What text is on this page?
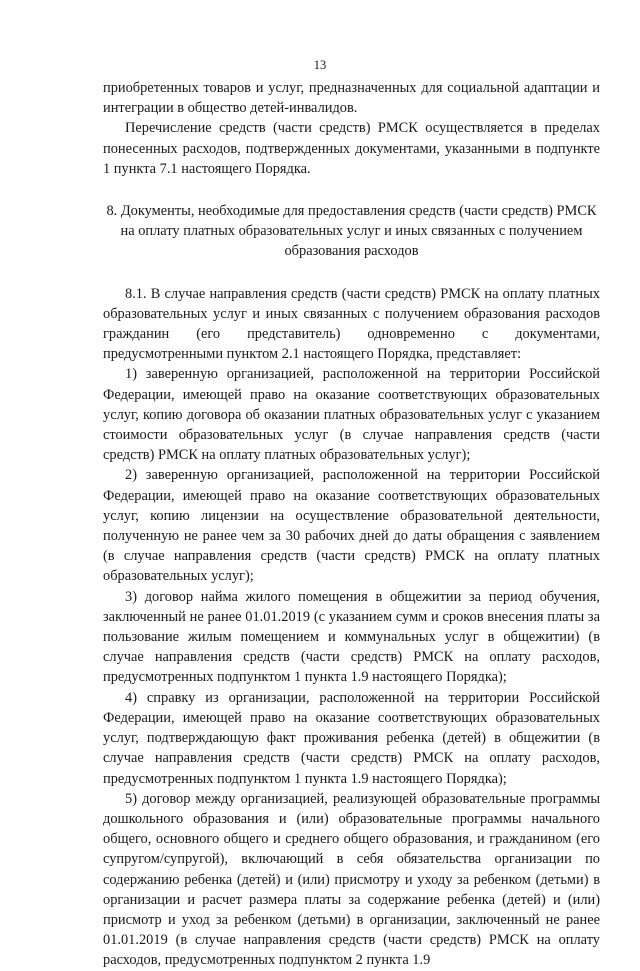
13

приобретенных товаров и услуг, предназначенных для социальной адаптации и интеграции в общество детей-инвалидов.

Перечисление средств (части средств) РМСК осуществляется в пределах понесенных расходов, подтвержденных документами, указанными в подпункте 1 пункта 7.1 настоящего Порядка.

8. Документы, необходимые для предоставления средств (части средств) РМСК на оплату платных образовательных услуг и иных связанных с получением образования расходов

8.1. В случае направления средств (части средств) РМСК на оплату платных образовательных услуг и иных связанных с получением образования расходов гражданин (его представитель) одновременно с документами, предусмотренными пунктом 2.1 настоящего Порядка, представляет:

1) заверенную организацией, расположенной на территории Российской Федерации, имеющей право на оказание соответствующих образовательных услуг, копию договора об оказании платных образовательных услуг с указанием стоимости образовательных услуг (в случае направления средств (части средств) РМСК на оплату платных образовательных услуг);

2) заверенную организацией, расположенной на территории Российской Федерации, имеющей право на оказание соответствующих образовательных услуг, копию лицензии на осуществление образовательной деятельности, полученную не ранее чем за 30 рабочих дней до даты обращения с заявлением (в случае направления средств (части средств) РМСК на оплату платных образовательных услуг);

3) договор найма жилого помещения в общежитии за период обучения, заключенный не ранее 01.01.2019 (с указанием сумм и сроков внесения платы за пользование жилым помещением и коммунальных услуг в общежитии) (в случае направления средств (части средств) РМСК на оплату расходов, предусмотренных подпунктом 1 пункта 1.9 настоящего Порядка);

4) справку из организации, расположенной на территории Российской Федерации, имеющей право на оказание соответствующих образовательных услуг, подтверждающую факт проживания ребенка (детей) в общежитии (в случае направления средств (части средств) РМСК на оплату расходов, предусмотренных подпунктом 1 пункта 1.9 настоящего Порядка);

5) договор между организацией, реализующей образовательные программы дошкольного образования и (или) образовательные программы начального общего, основного общего и среднего общего образования, и гражданином (его супругом/супругой), включающий в себя обязательства организации по содержанию ребенка (детей) и (или) присмотру и уходу за ребенком (детьми) в организации и расчет размера платы за содержание ребенка (детей) и (или) присмотр и уход за ребенком (детьми) в организации, заключенный не ранее 01.01.2019 (в случае направления средств (части средств) РМСК на оплату расходов, предусмотренных подпунктом 2 пункта 1.9
